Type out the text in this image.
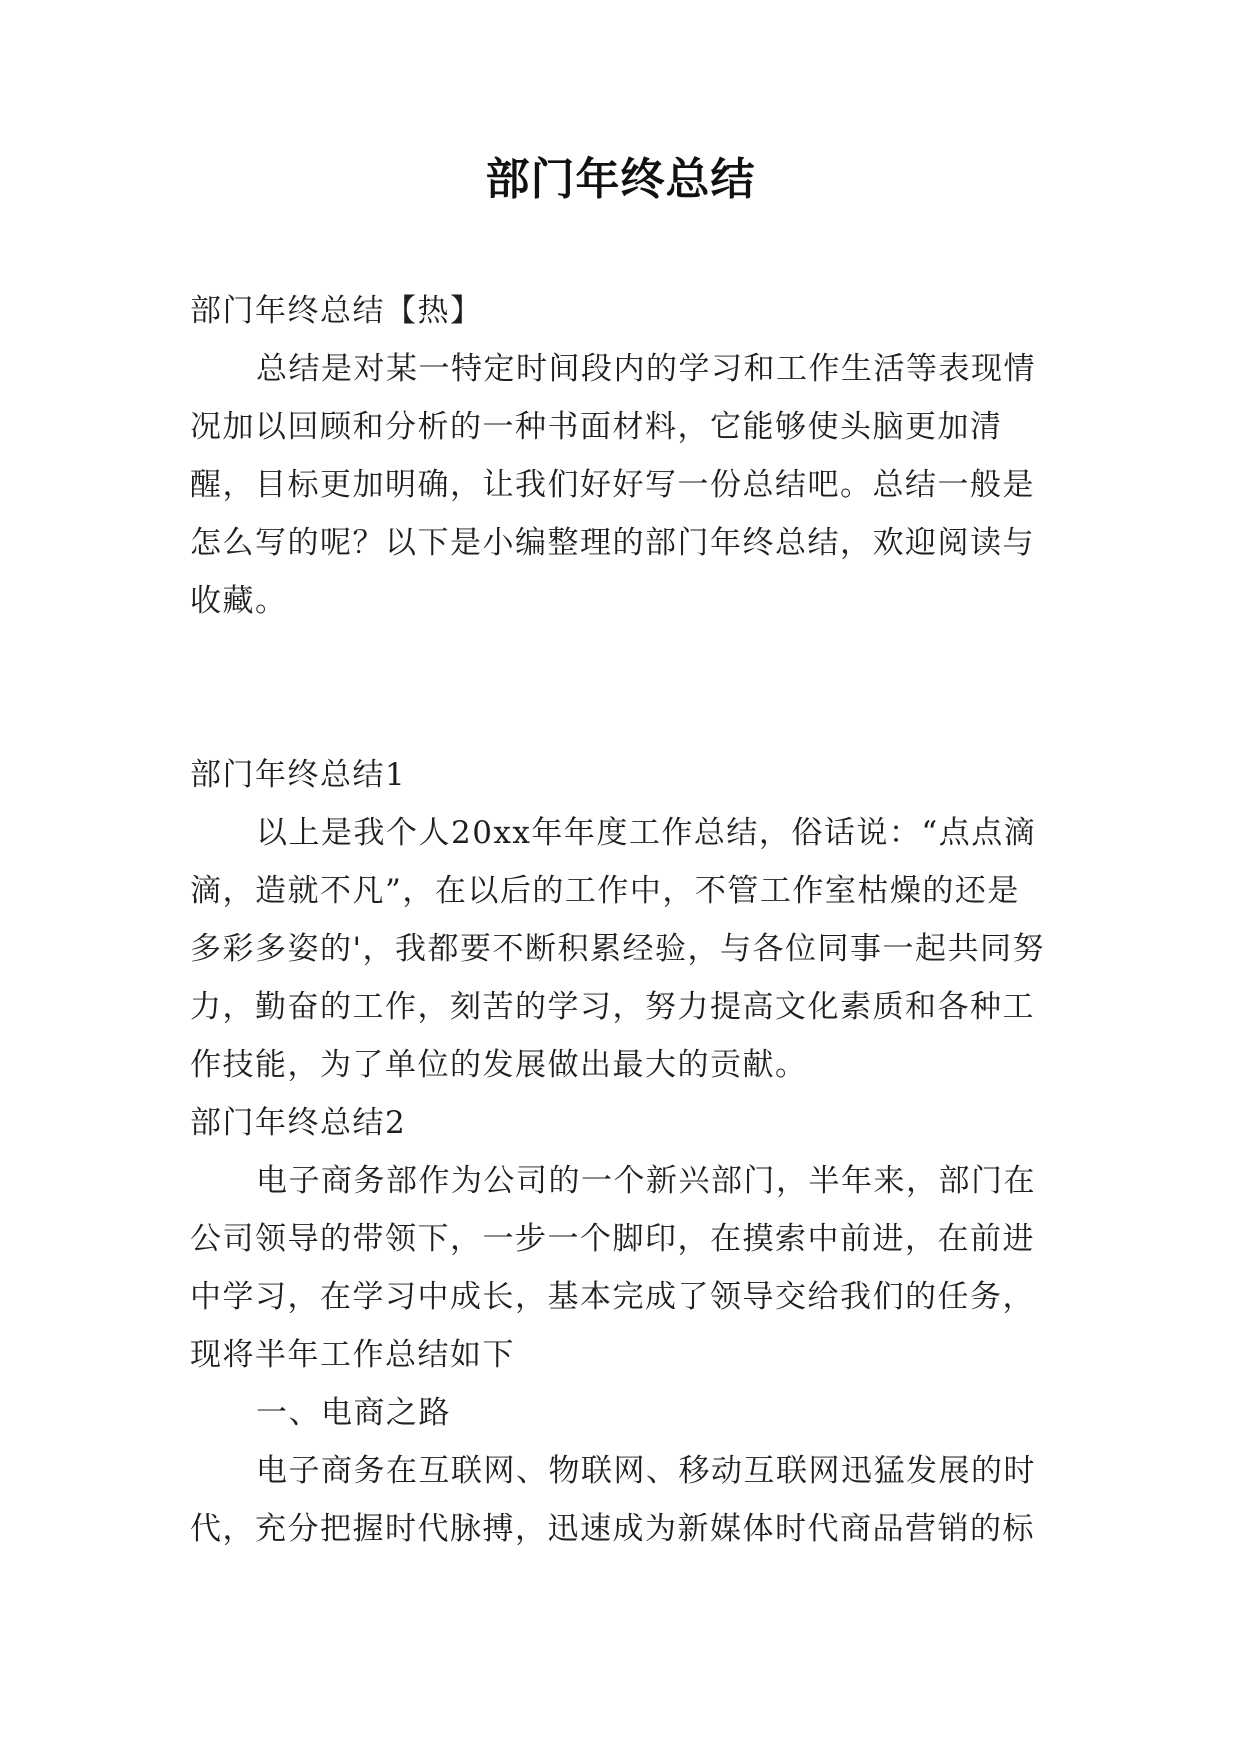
部门年终总结

部门年终总结【热】

总结是对某一特定时间段内的学习和工作生活等表现情况加以回顾和分析的一种书面材料，它能够使头脑更加清醒，目标更加明确，让我们好好写一份总结吧。总结一般是怎么写的呢？以下是小编整理的部门年终总结，欢迎阅读与收藏。

部门年终总结1

以上是我个人20xx年年度工作总结，俗话说：“点点滴滴，造就不凡”，在以后的工作中，不管工作室枯燥的还是多彩多姿的'，我都要不断积累经验，与各位同事一起共同努力，勤奋的工作，刻苦的学习，努力提高文化素质和各种工作技能，为了单位的发展做出最大的贡献。

部门年终总结2

电子商务部作为公司的一个新兴部门，半年来，部门在公司领导的带领下，一步一个脚印，在摸索中前进，在前进中学习，在学习中成长，基本完成了领导交给我们的任务，现将半年工作总结如下

一、电商之路

电子商务在互联网、物联网、移动互联网迅猛发展的时代，充分把握时代脉搏，迅速成为新媒体时代商品营销的标
